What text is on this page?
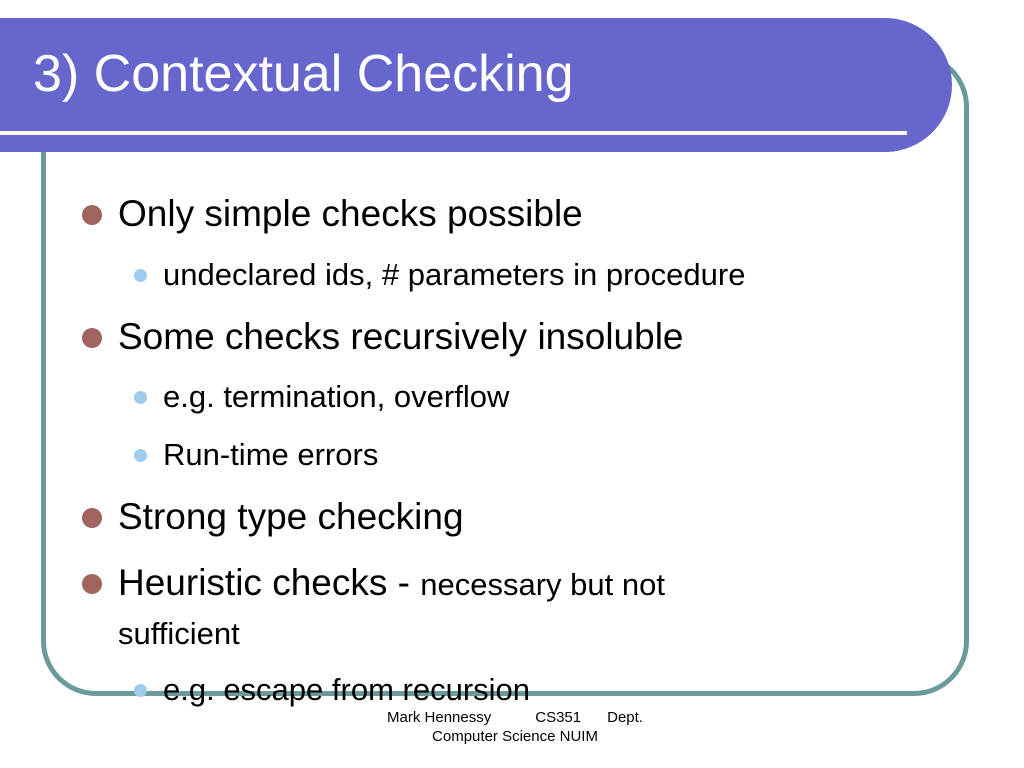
3) Contextual Checking
Only simple checks possible
undeclared ids, # parameters in procedure
Some checks recursively insoluble
e.g. termination, overflow
Run-time errors
Strong type checking
Heuristic checks - necessary but not
sufficient
e.g. escape from recursion
Mark Hennessy	CS351 Dept.
Computer Science NUIM
